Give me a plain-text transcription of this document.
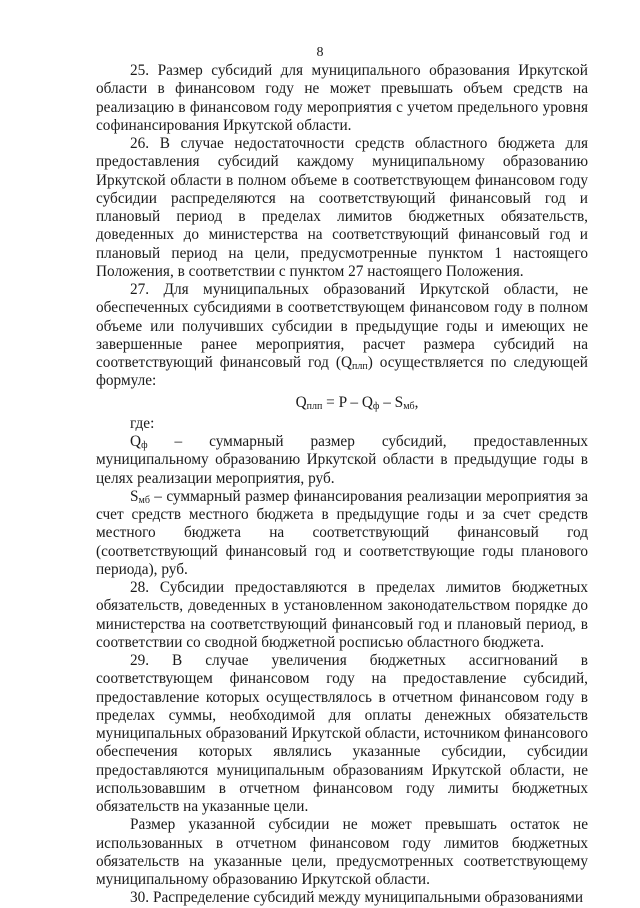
8

25. Размер субсидий для муниципального образования Иркутской области в финансовом году не может превышать объем средств на реализацию в финансовом году мероприятия с учетом предельного уровня софинансирования Иркутской области.

26. В случае недостаточности средств областного бюджета для предоставления субсидий каждому муниципальному образованию Иркутской области в полном объеме в соответствующем финансовом году субсидии распределяются на соответствующий финансовый год и плановый период в пределах лимитов бюджетных обязательств, доведенных до министерства на соответствующий финансовый год и плановый период на цели, предусмотренные пунктом 1 настоящего Положения, в соответствии с пунктом 27 настоящего Положения.

27. Для муниципальных образований Иркутской области, не обеспеченных субсидиями в соответствующем финансовом году в полном объеме или получивших субсидии в предыдущие годы и имеющих не завершенные ранее мероприятия, расчет размера субсидий на соответствующий финансовый год $(Q_{плп})$ осуществляется по следующей формуле:

$Q_{плп} = P - Q_ф - S_{мб}$,

где:

$Q_ф$ – суммарный размер субсидий, предоставленных муниципальному образованию Иркутской области в предыдущие годы в целях реализации мероприятия, руб.

$S_{мб}$ – суммарный размер финансирования реализации мероприятия за счет средств местного бюджета в предыдущие годы и за счет средств местного бюджета на соответствующий финансовый год (соответствующий финансовый год и соответствующие годы планового периода), руб.

28. Субсидии предоставляются в пределах лимитов бюджетных обязательств, доведенных в установленном законодательством порядке до министерства на соответствующий финансовый год и плановый период, в соответствии со сводной бюджетной росписью областного бюджета.

29. В случае увеличения бюджетных ассигнований в соответствующем финансовом году на предоставление субсидий, предоставление которых осуществлялось в отчетном финансовом году в пределах суммы, необходимой для оплаты денежных обязательств муниципальных образований Иркутской области, источником финансового обеспечения которых являлись указанные субсидии, субсидии предоставляются муниципальным образованиям Иркутской области, не использовавшим в отчетном финансовом году лимиты бюджетных обязательств на указанные цели.

Размер указанной субсидии не может превышать остаток не использованных в отчетном финансовом году лимитов бюджетных обязательств на указанные цели, предусмотренных соответствующему муниципальному образованию Иркутской области.

30. Распределение субсидий между муниципальными образованиями
